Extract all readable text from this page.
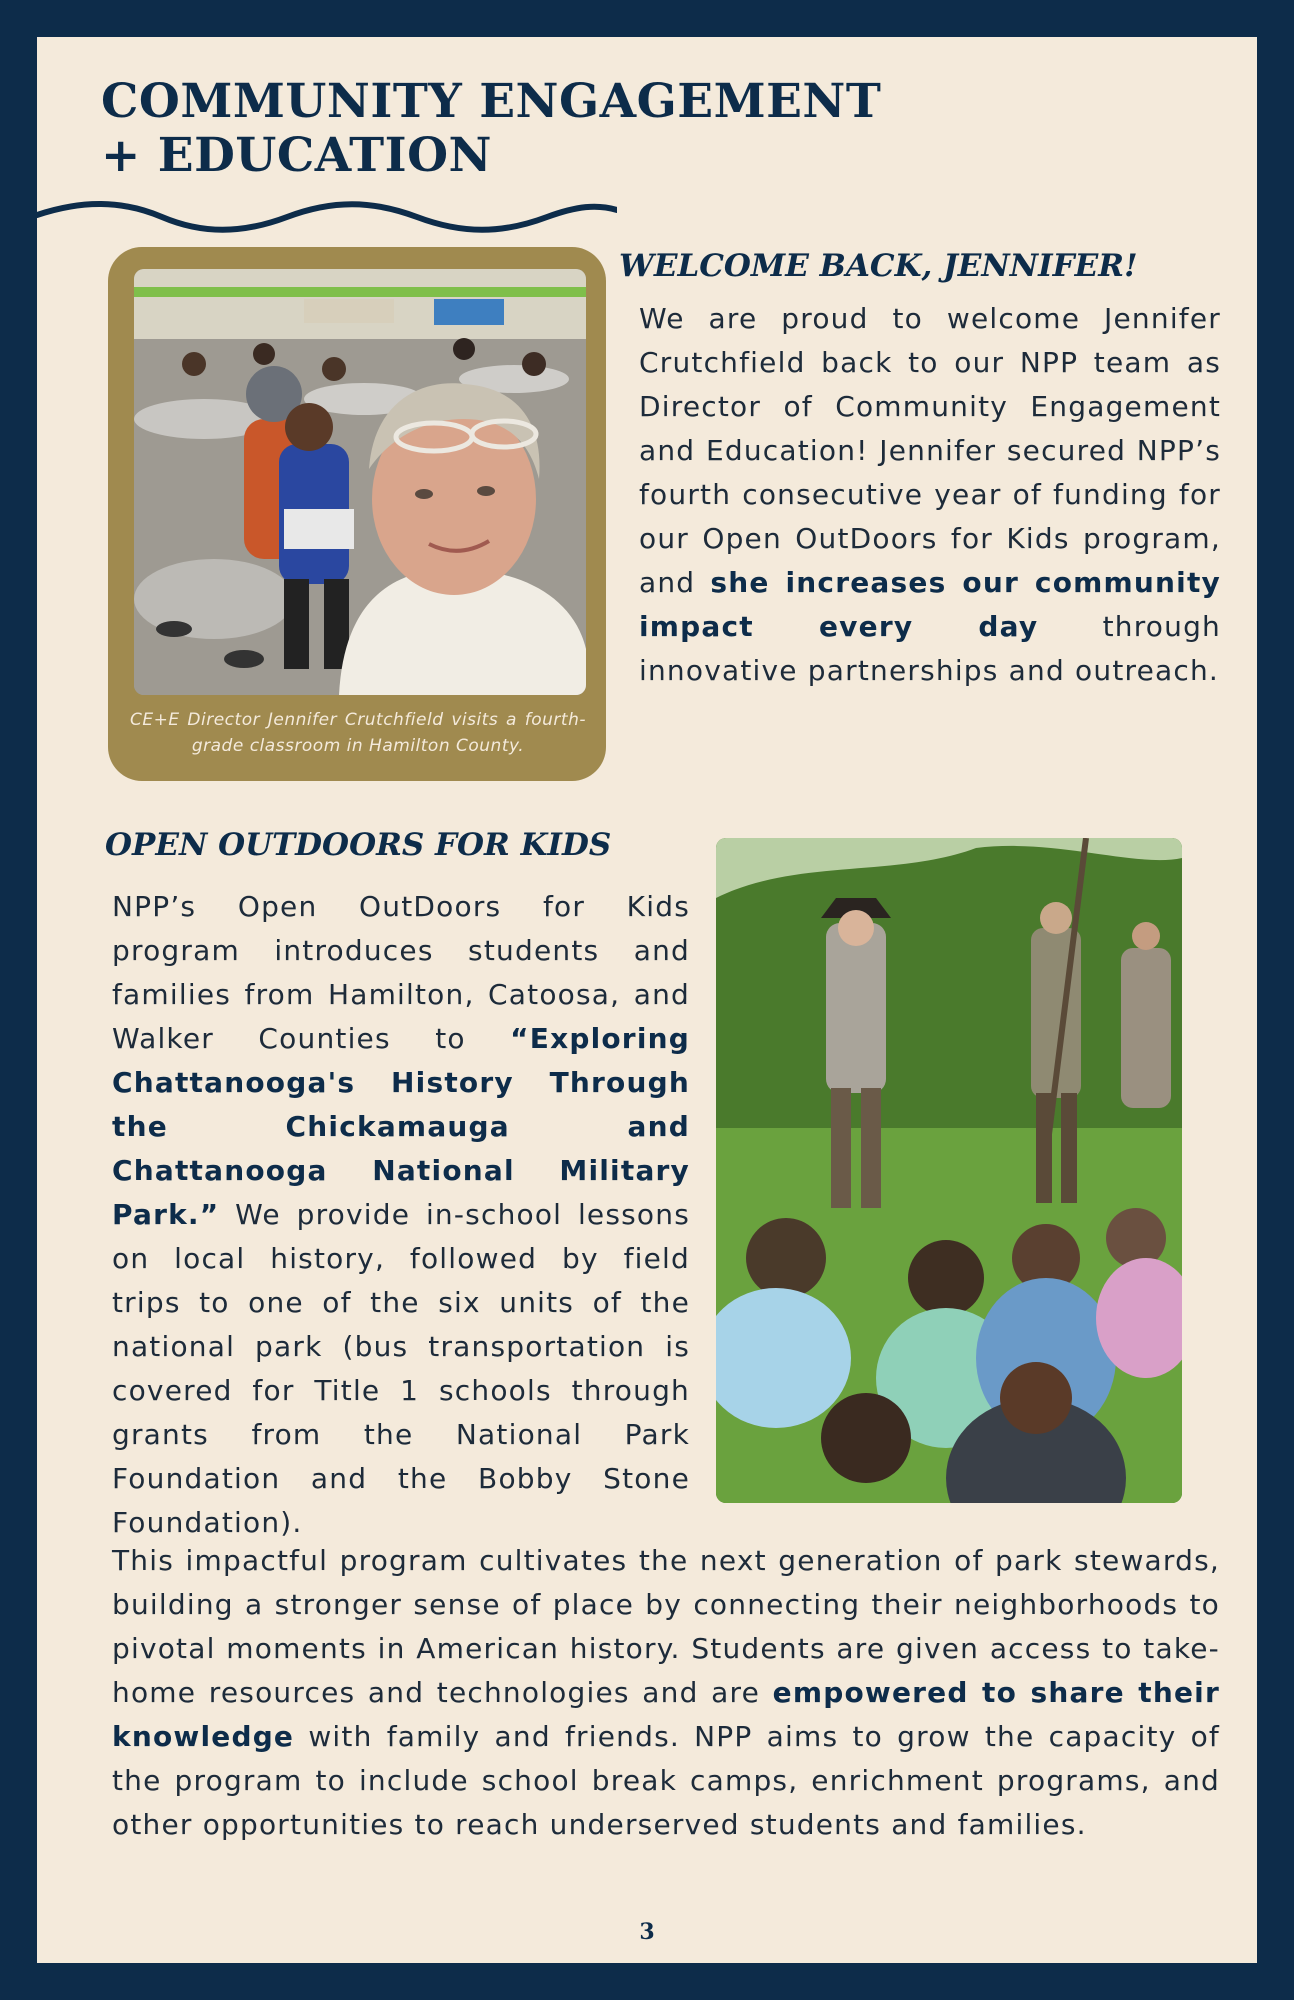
COMMUNITY ENGAGEMENT
+ EDUCATION
CE+E Director Jennifer Crutchfield visits a fourth-grade classroom in Hamilton County.
WELCOME BACK, JENNIFER!

We are proud to welcome Jennifer Crutchfield back to our NPP team as Director of Community Engagement and Education! Jennifer secured NPP’s fourth consecutive year of funding for our Open OutDoors for Kids program, and she increases our community impact every day through innovative partnerships and outreach.

OPEN OUTDOORS FOR KIDS

NPP’s Open OutDoors for Kids program introduces students and families from Hamilton, Catoosa, and Walker Counties to “Exploring Chattanooga's History Through the Chickamauga and Chattanooga National Military Park.” We provide in-school lessons on local history, followed by field trips to one of the six units of the national park (bus transportation is covered for Title 1 schools through grants from the National Park Foundation and the Bobby Stone Foundation).

This impactful program cultivates the next generation of park stewards, building a stronger sense of place by connecting their neighborhoods to pivotal moments in American history. Students are given access to take-home resources and technologies and are empowered to share their knowledge with family and friends. NPP aims to grow the capacity of the program to include school break camps, enrichment programs, and other opportunities to reach underserved students and families.

3
